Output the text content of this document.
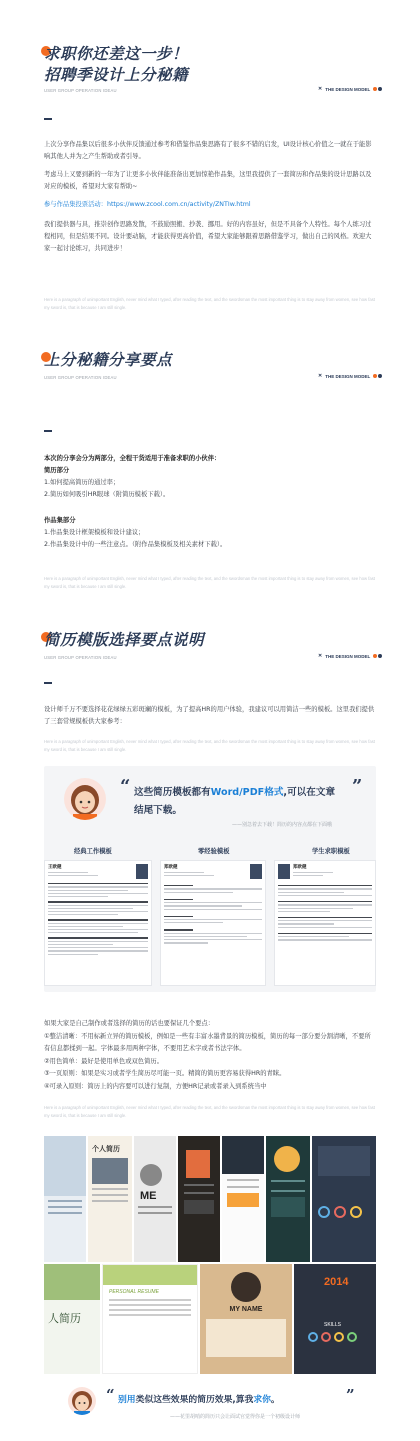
求职你还差这一步！
招聘季设计上分秘籍
USER GROUP OPERATION IDEAU	✕ THE DESIGN MODEL

上次分享作品集以后很多小伙伴反馈通过参考和借鉴作品集思路有了很多不错的启发，UI设计核心价值之一就在于能影响其他人并为之产生帮助或者引导。

考虑马上又要到新的一年为了让更多小伙伴能准备出更加惊艳作品集，这里我提供了一套简历和作品集的设计思路以及对应的模板，希望对大家有帮助~

参与作品集投票活动：https://www.zcool.com.cn/activity/ZNTIw.html

我们提供器与具，推崇创作思路发散，不鼓励照搬、抄袭、挪用。好的内容虽好，但是不具备个人特性。每个人练习过程相同，但是结果不同。设计要动脑，才能获得更高价值，希望大家能够跟着思路借鉴学习，做出自己的风格。欢迎大家一起讨论练习，共同进步！

Here is a paragraph of unimportant English, never mind what I typed, after reading the text, and the swordsman the most important thing is to stay away from women, see how fast my sword is, that is because I am still single.
上分秘籍分享要点
USER GROUP OPERATION IDEAU	✕ THE DESIGN MODEL
本次的分享会分为两部分，全程干货适用于准备求职的小伙伴：
简历部分
1.如何提高简历的通过率；
2.简历如何吸引HR眼球（附简历模板下载）。
作品集部分
1.作品集设计框架模板和设计建议；
2.作品集设计中的一些注意点。（附作品集模板及相关素材下载）。
Here is a paragraph of unimportant English, never mind what I typed, after reading the text, and the swordsman the most important thing is to stay away from women, see how fast my sword is, that is because I am still single.
简历模版选择要点说明
USER GROUP OPERATION IDEAU	✕ THE DESIGN MODEL
设计师千万不要选择花花绿绿五彩斑斓的模板，为了提高HR的用户体验，我建议可以用简洁一些的模板。这里我们提供了三套常规模板供大家参考：
Here is a paragraph of unimportant English, never mind what I typed, after reading the text, and the swordsman the most important thing is to stay away from women, see how fast my sword is, that is because I am still single.
“	”
这些简历模板都有Word/PDF格式,可以在文章
结尾下载。
——别急着去下载！简历的内容点都在下面哦
经典工作模板	零经验模板	学生求职模板
王欧健	郑欧健	郑欧健
如果大家是自己制作或者选择的简历的话也要保证几个要点：
①整洁清晰：不用标新立异的简历模板，例如是一些有丰富水墨背景的简历模板，简历的每一部分要分割清晰，不要所有信息都揉到一起。字体最多用两种字体，不要用艺术字或者书法字体。
②用色简单：最好是使用单色或双色简历。
③一页原则：如果是实习或者学生简历尽可能一页。精简的简历更容易获得HR的青睐。
④可录入原则：简历上的内容要可以进行复制，方便HR记录或者录入到系统当中
Here is a paragraph of unimportant English, never mind what I typed, after reading the text, and the swordsman the most important thing is to stay away from women, see how fast my sword is, that is because I am still single.
个人简历
ME
人简历
PERSONAL RESUME
MY NAME
2014
SKILLS
“ 别用类似这些效果的简历效果,算我求你。	”
——花里胡哨的简历只会让面试官觉得你是一个初级设计师
